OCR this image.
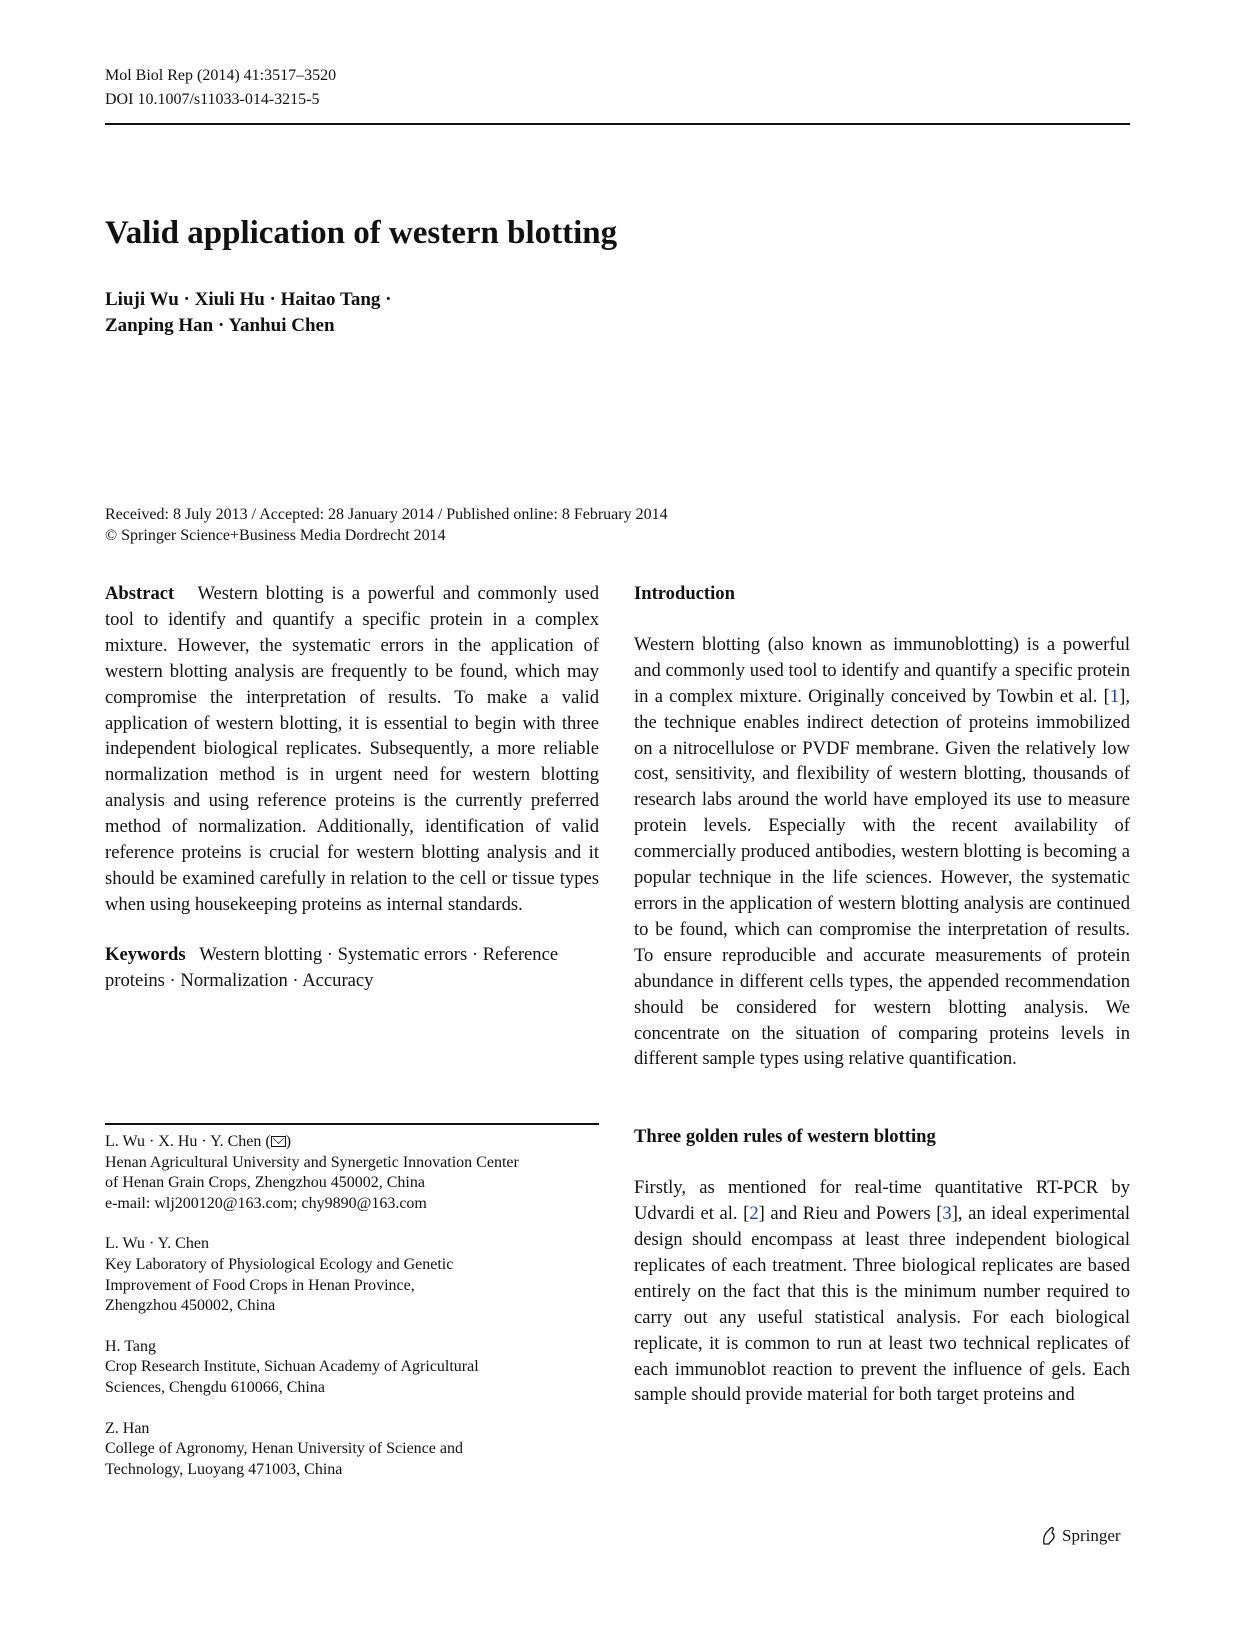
Mol Biol Rep (2014) 41:3517–3520
DOI 10.1007/s11033-014-3215-5
Valid application of western blotting
Liuji Wu · Xiuli Hu · Haitao Tang ·
Zanping Han · Yanhui Chen
Received: 8 July 2013 / Accepted: 28 January 2014 / Published online: 8 February 2014
© Springer Science+Business Media Dordrecht 2014

Abstract Western blotting is a powerful and commonly used tool to identify and quantify a specific protein in a complex mixture. However, the systematic errors in the application of western blotting analysis are frequently to be found, which may compromise the interpretation of results. To make a valid application of western blotting, it is essential to begin with three independent biological replicates. Subsequently, a more reliable normalization method is in urgent need for western blotting analysis and using reference proteins is the currently preferred method of normalization. Additionally, identification of valid reference proteins is crucial for western blotting analysis and it should be examined carefully in relation to the cell or tissue types when using housekeeping proteins as internal standards.

Keywords Western blotting · Systematic errors · Reference proteins · Normalization · Accuracy

L. Wu · X. Hu · Y. Chen ( )
Henan Agricultural University and Synergetic Innovation Center
of Henan Grain Crops, Zhengzhou 450002, China
e-mail: wlj200120@163.com; chy9890@163.com
L. Wu · Y. Chen
Key Laboratory of Physiological Ecology and Genetic
Improvement of Food Crops in Henan Province,
Zhengzhou 450002, China
H. Tang
Crop Research Institute, Sichuan Academy of Agricultural
Sciences, Chengdu 610066, China
Z. Han
College of Agronomy, Henan University of Science and
Technology, Luoyang 471003, China
Introduction

Western blotting (also known as immunoblotting) is a powerful and commonly used tool to identify and quantify a specific protein in a complex mixture. Originally conceived by Towbin et al. [1], the technique enables indirect detection of proteins immobilized on a nitrocellulose or PVDF membrane. Given the relatively low cost, sensitivity, and flexibility of western blotting, thousands of research labs around the world have employed its use to measure protein levels. Especially with the recent availability of commercially produced antibodies, western blotting is becoming a popular technique in the life sciences. However, the systematic errors in the application of western blotting analysis are continued to be found, which can compromise the interpretation of results. To ensure reproducible and accurate measurements of protein abundance in different cells types, the appended recommendation should be considered for western blotting analysis. We concentrate on the situation of comparing proteins levels in different sample types using relative quantification.

Three golden rules of western blotting

Firstly, as mentioned for real-time quantitative RT-PCR by Udvardi et al. [2] and Rieu and Powers [3], an ideal experimental design should encompass at least three independent biological replicates of each treatment. Three biological replicates are based entirely on the fact that this is the minimum number required to carry out any useful statistical analysis. For each biological replicate, it is common to run at least two technical replicates of each immunoblot reaction to prevent the influence of gels. Each sample should provide material for both target proteins and

Springer
